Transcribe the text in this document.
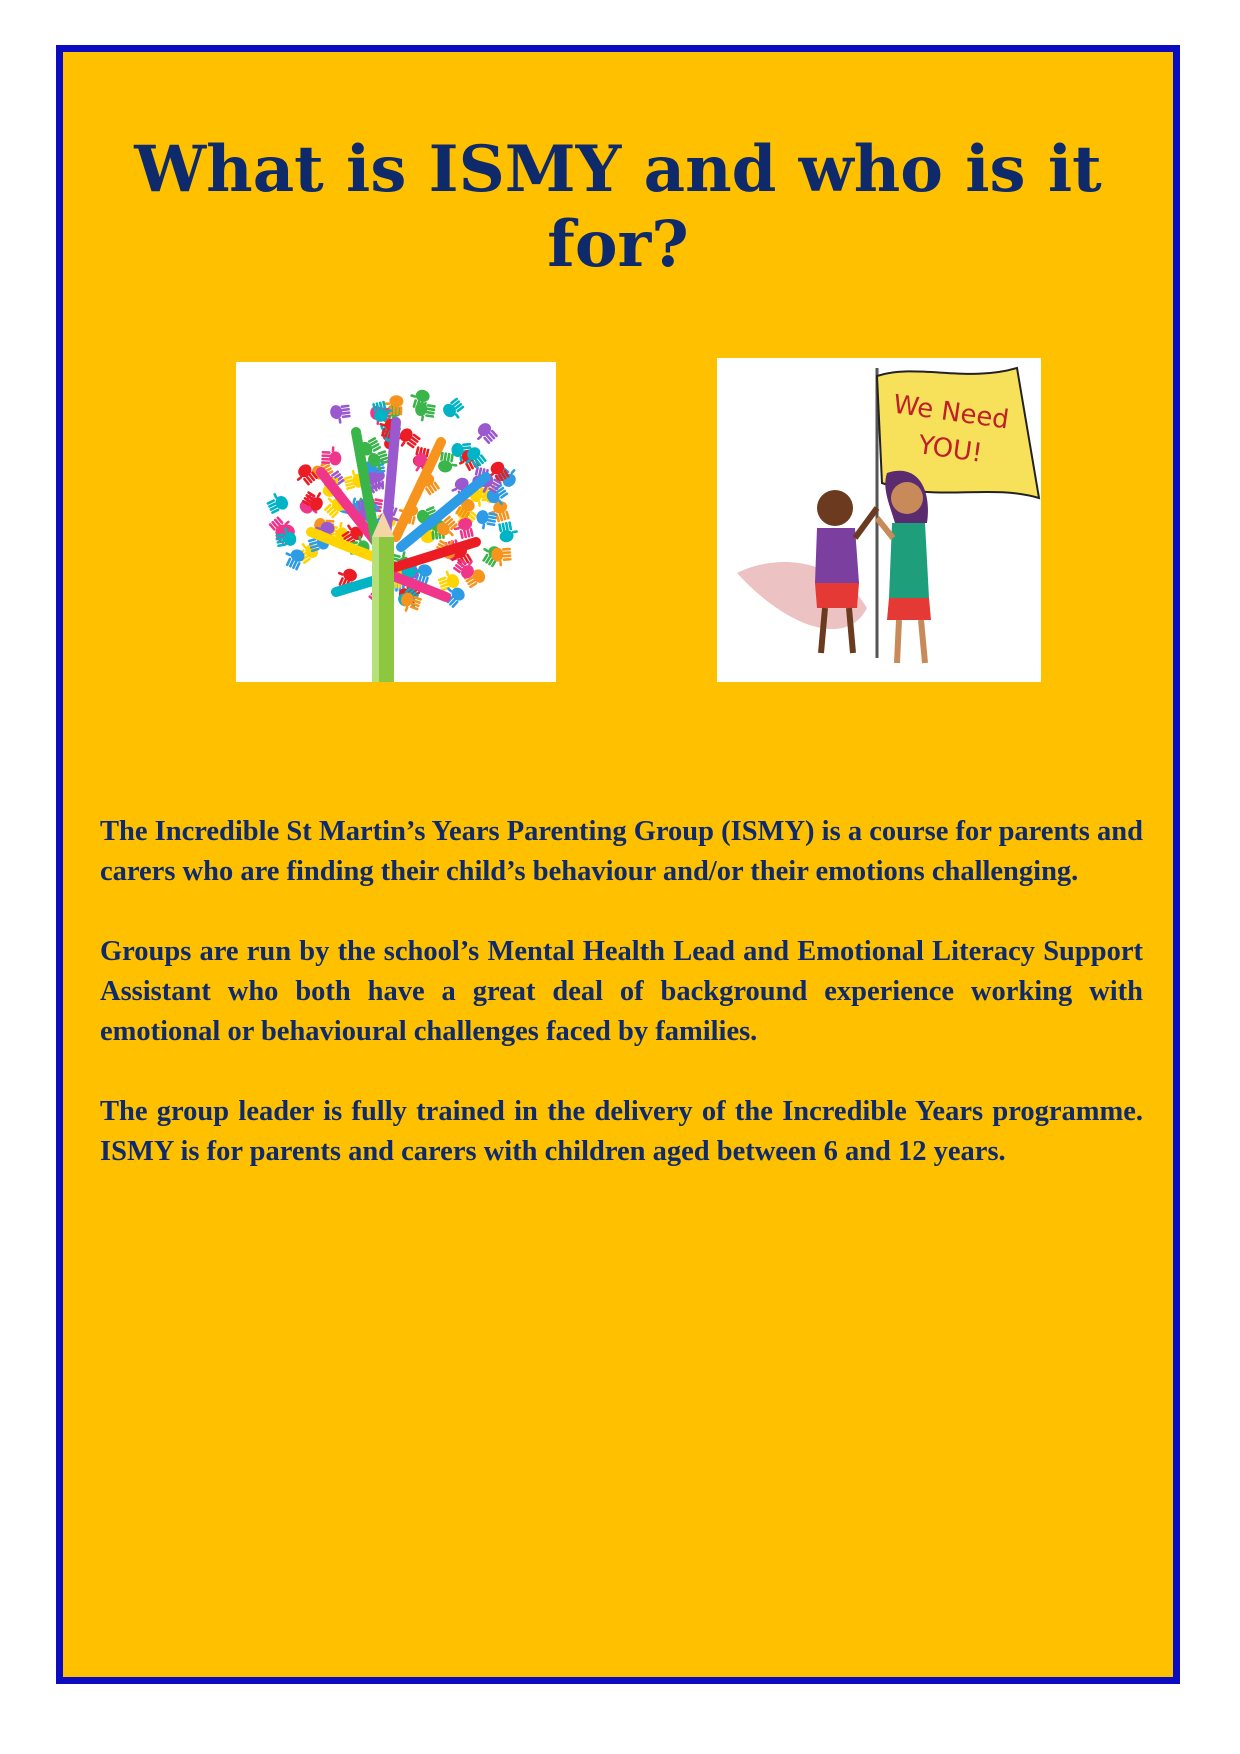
What is ISMY and who is it for?
We Need
YOU!

The Incredible St Martin’s Years Parenting Group (ISMY) is a course for parents and carers who are finding their child’s behaviour and/or their emotions challenging.

Groups are run by the school’s Mental Health Lead and Emotional Literacy Support Assistant who both have a great deal of background experience working with emotional or behavioural challenges faced by families.

The group leader is fully trained in the delivery of the Incredible Years programme. ISMY is for parents and carers with children aged between 6 and 12 years.
